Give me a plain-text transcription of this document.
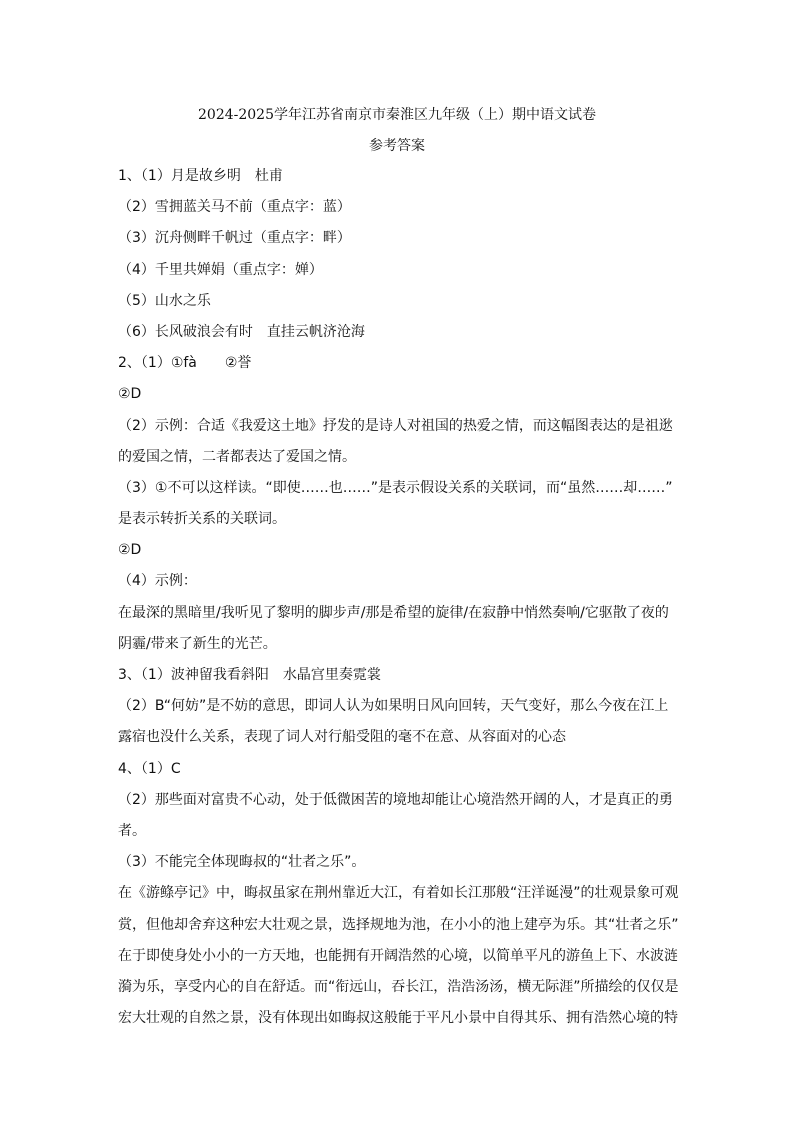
2024-2025学年江苏省南京市秦淮区九年级（上）期中语文试卷
参考答案
1、（1）月是故乡明　杜甫
（2）雪拥蓝关马不前（重点字：蓝）
（3）沉舟侧畔千帆过（重点字：畔）
（4）千里共婵娟（重点字：婵）
（5）山水之乐
（6）长风破浪会有时　直挂云帆济沧海
2、（1）①fà　　②誉
②D
（2）示例：合适《我爱这土地》抒发的是诗人对祖国的热爱之情，而这幅图表达的是祖逖
的爱国之情，二者都表达了爱国之情。
（3）①不可以这样读。“即使……也……”是表示假设关系的关联词，而“虽然……却……”
是表示转折关系的关联词。
②D
（4）示例：
在最深的黑暗里/我听见了黎明的脚步声/那是希望的旋律/在寂静中悄然奏响/它驱散了夜的
阴霾/带来了新生的光芒。
3、（1）波神留我看斜阳　水晶宫里奏霓裳
（2）B“何妨”是不妨的意思，即词人认为如果明日风向回转，天气变好，那么今夜在江上
露宿也没什么关系，表现了词人对行船受阻的毫不在意、从容面对的心态
4、（1）C
（2）那些面对富贵不心动，处于低微困苦的境地却能让心境浩然开阔的人，才是真正的勇
者。
（3）不能完全体现晦叔的“壮者之乐”。
在《游鲦亭记》中，晦叔虽家在荆州靠近大江，有着如长江那般“汪洋诞漫”的壮观景象可观
赏，但他却舍弃这种宏大壮观之景，选择规地为池，在小小的池上建亭为乐。其“壮者之乐”
在于即使身处小小的一方天地，也能拥有开阔浩然的心境，以简单平凡的游鱼上下、水波涟
漪为乐，享受内心的自在舒适。而“衔远山，吞长江，浩浩汤汤，横无际涯”所描绘的仅仅是
宏大壮观的自然之景，没有体现出如晦叔这般能于平凡小景中自得其乐、拥有浩然心境的特
